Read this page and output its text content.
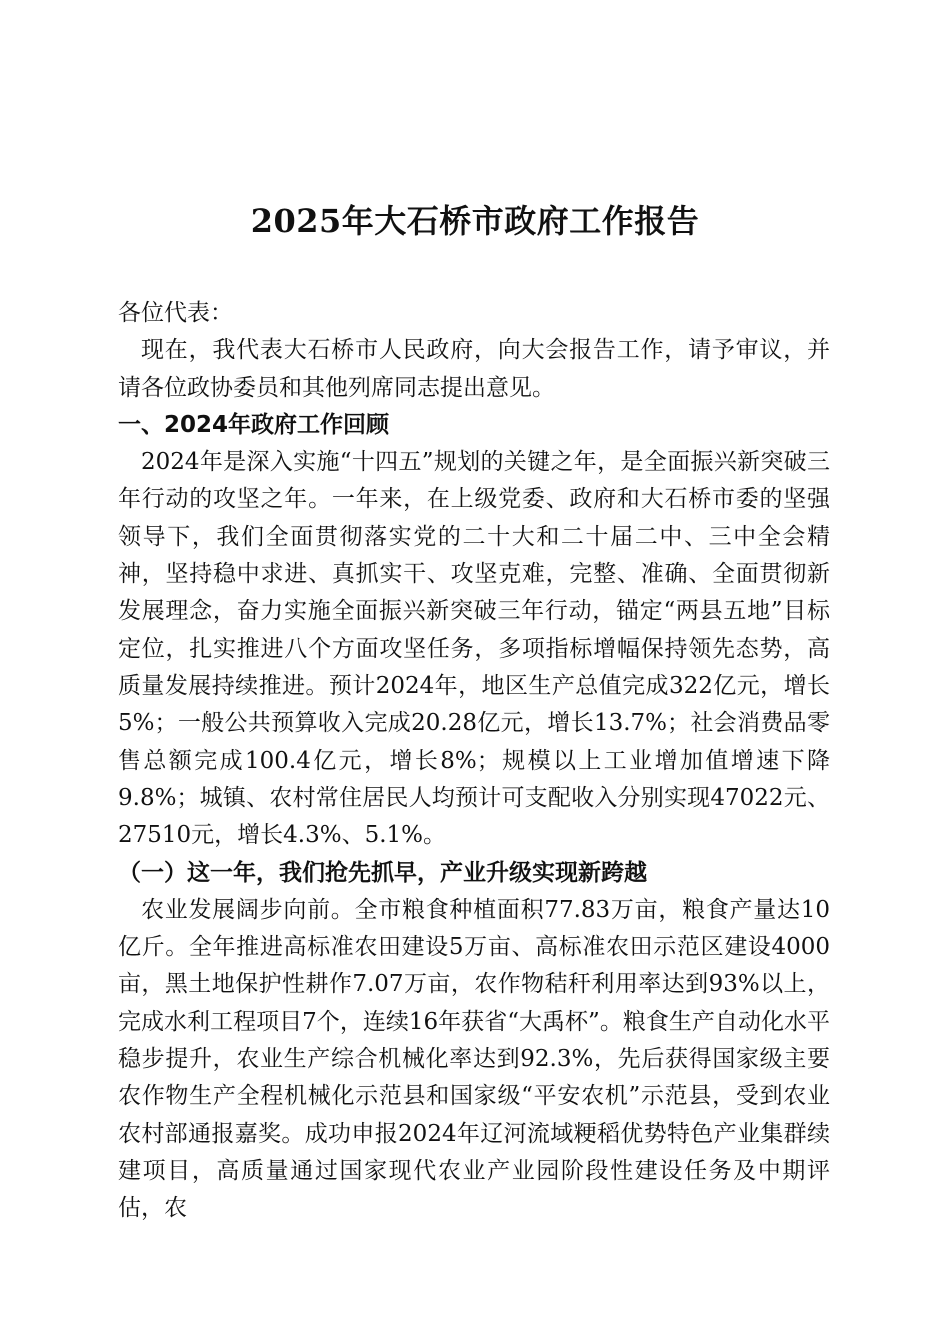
2025年大石桥市政府工作报告

各位代表：

现在，我代表大石桥市人民政府，向大会报告工作，请予审议，并请各位政协委员和其他列席同志提出意见。

一、2024年政府工作回顾

2024年是深入实施“十四五”规划的关键之年，是全面振兴新突破三年行动的攻坚之年。一年来，在上级党委、政府和大石桥市委的坚强领导下，我们全面贯彻落实党的二十大和二十届二中、三中全会精神，坚持稳中求进、真抓实干、攻坚克难，完整、准确、全面贯彻新发展理念，奋力实施全面振兴新突破三年行动，锚定“两县五地”目标定位，扎实推进八个方面攻坚任务，多项指标增幅保持领先态势，高质量发展持续推进。预计2024年，地区生产总值完成322亿元，增长5%；一般公共预算收入完成20.28亿元，增长13.7%；社会消费品零售总额完成100.4亿元，增长8%；规模以上工业增加值增速下降9.8%；城镇、农村常住居民人均预计可支配收入分别实现47022元、27510元，增长4.3%、5.1%。

（一）这一年，我们抢先抓早，产业升级实现新跨越

农业发展阔步向前。全市粮食种植面积77.83万亩，粮食产量达10亿斤。全年推进高标准农田建设5万亩、高标准农田示范区建设4000亩，黑土地保护性耕作7.07万亩，农作物秸秆利用率达到93%以上，完成水利工程项目7个，连续16年获省“大禹杯”。粮食生产自动化水平稳步提升，农业生产综合机械化率达到92.3%，先后获得国家级主要农作物生产全程机械化示范县和国家级“平安农机”示范县，受到农业农村部通报嘉奖。成功申报2024年辽河流域粳稻优势特色产业集群续建项目，高质量通过国家现代农业产业园阶段性建设任务及中期评估，农
